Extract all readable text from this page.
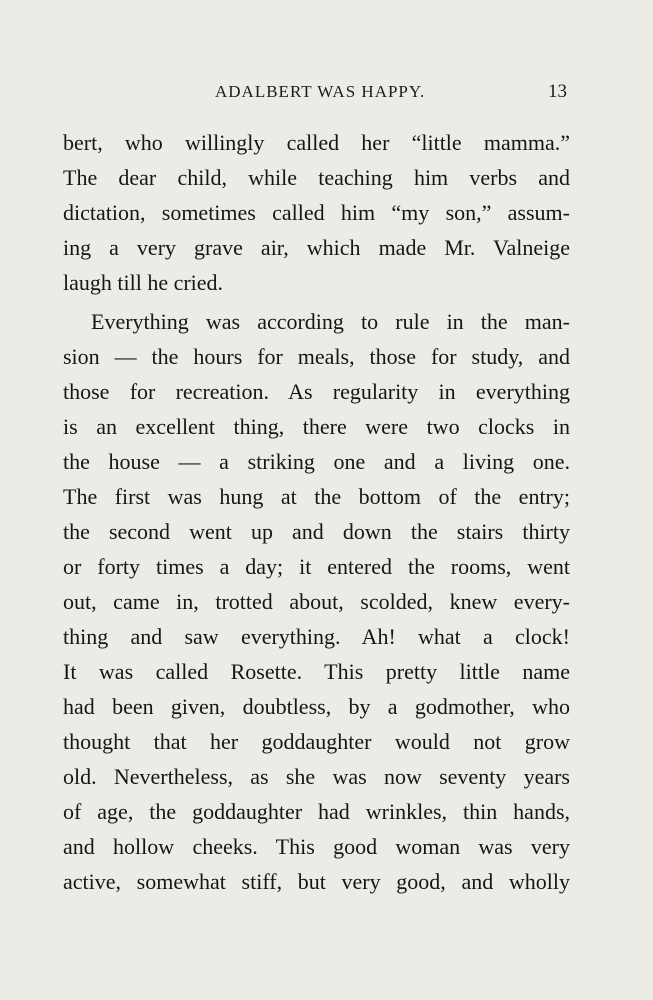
ADALBERT WAS HAPPY.	13
bert, who willingly called her “little mamma.”
The dear child, while teaching him verbs and
dictation, sometimes called him “my son,” assum-
ing a very grave air, which made Mr. Valneige
laugh till he cried.
Everything was according to rule in the man-
sion — the hours for meals, those for study, and
those for recreation. As regularity in everything
is an excellent thing, there were two clocks in
the house — a striking one and a living one.
The first was hung at the bottom of the entry;
the second went up and down the stairs thirty
or forty times a day; it entered the rooms, went
out, came in, trotted about, scolded, knew every-
thing and saw everything. Ah! what a clock!
It was called Rosette. This pretty little name
had been given, doubtless, by a godmother, who
thought that her goddaughter would not grow
old. Nevertheless, as she was now seventy years
of age, the goddaughter had wrinkles, thin hands,
and hollow cheeks. This good woman was very
active, somewhat stiff, but very good, and wholly
